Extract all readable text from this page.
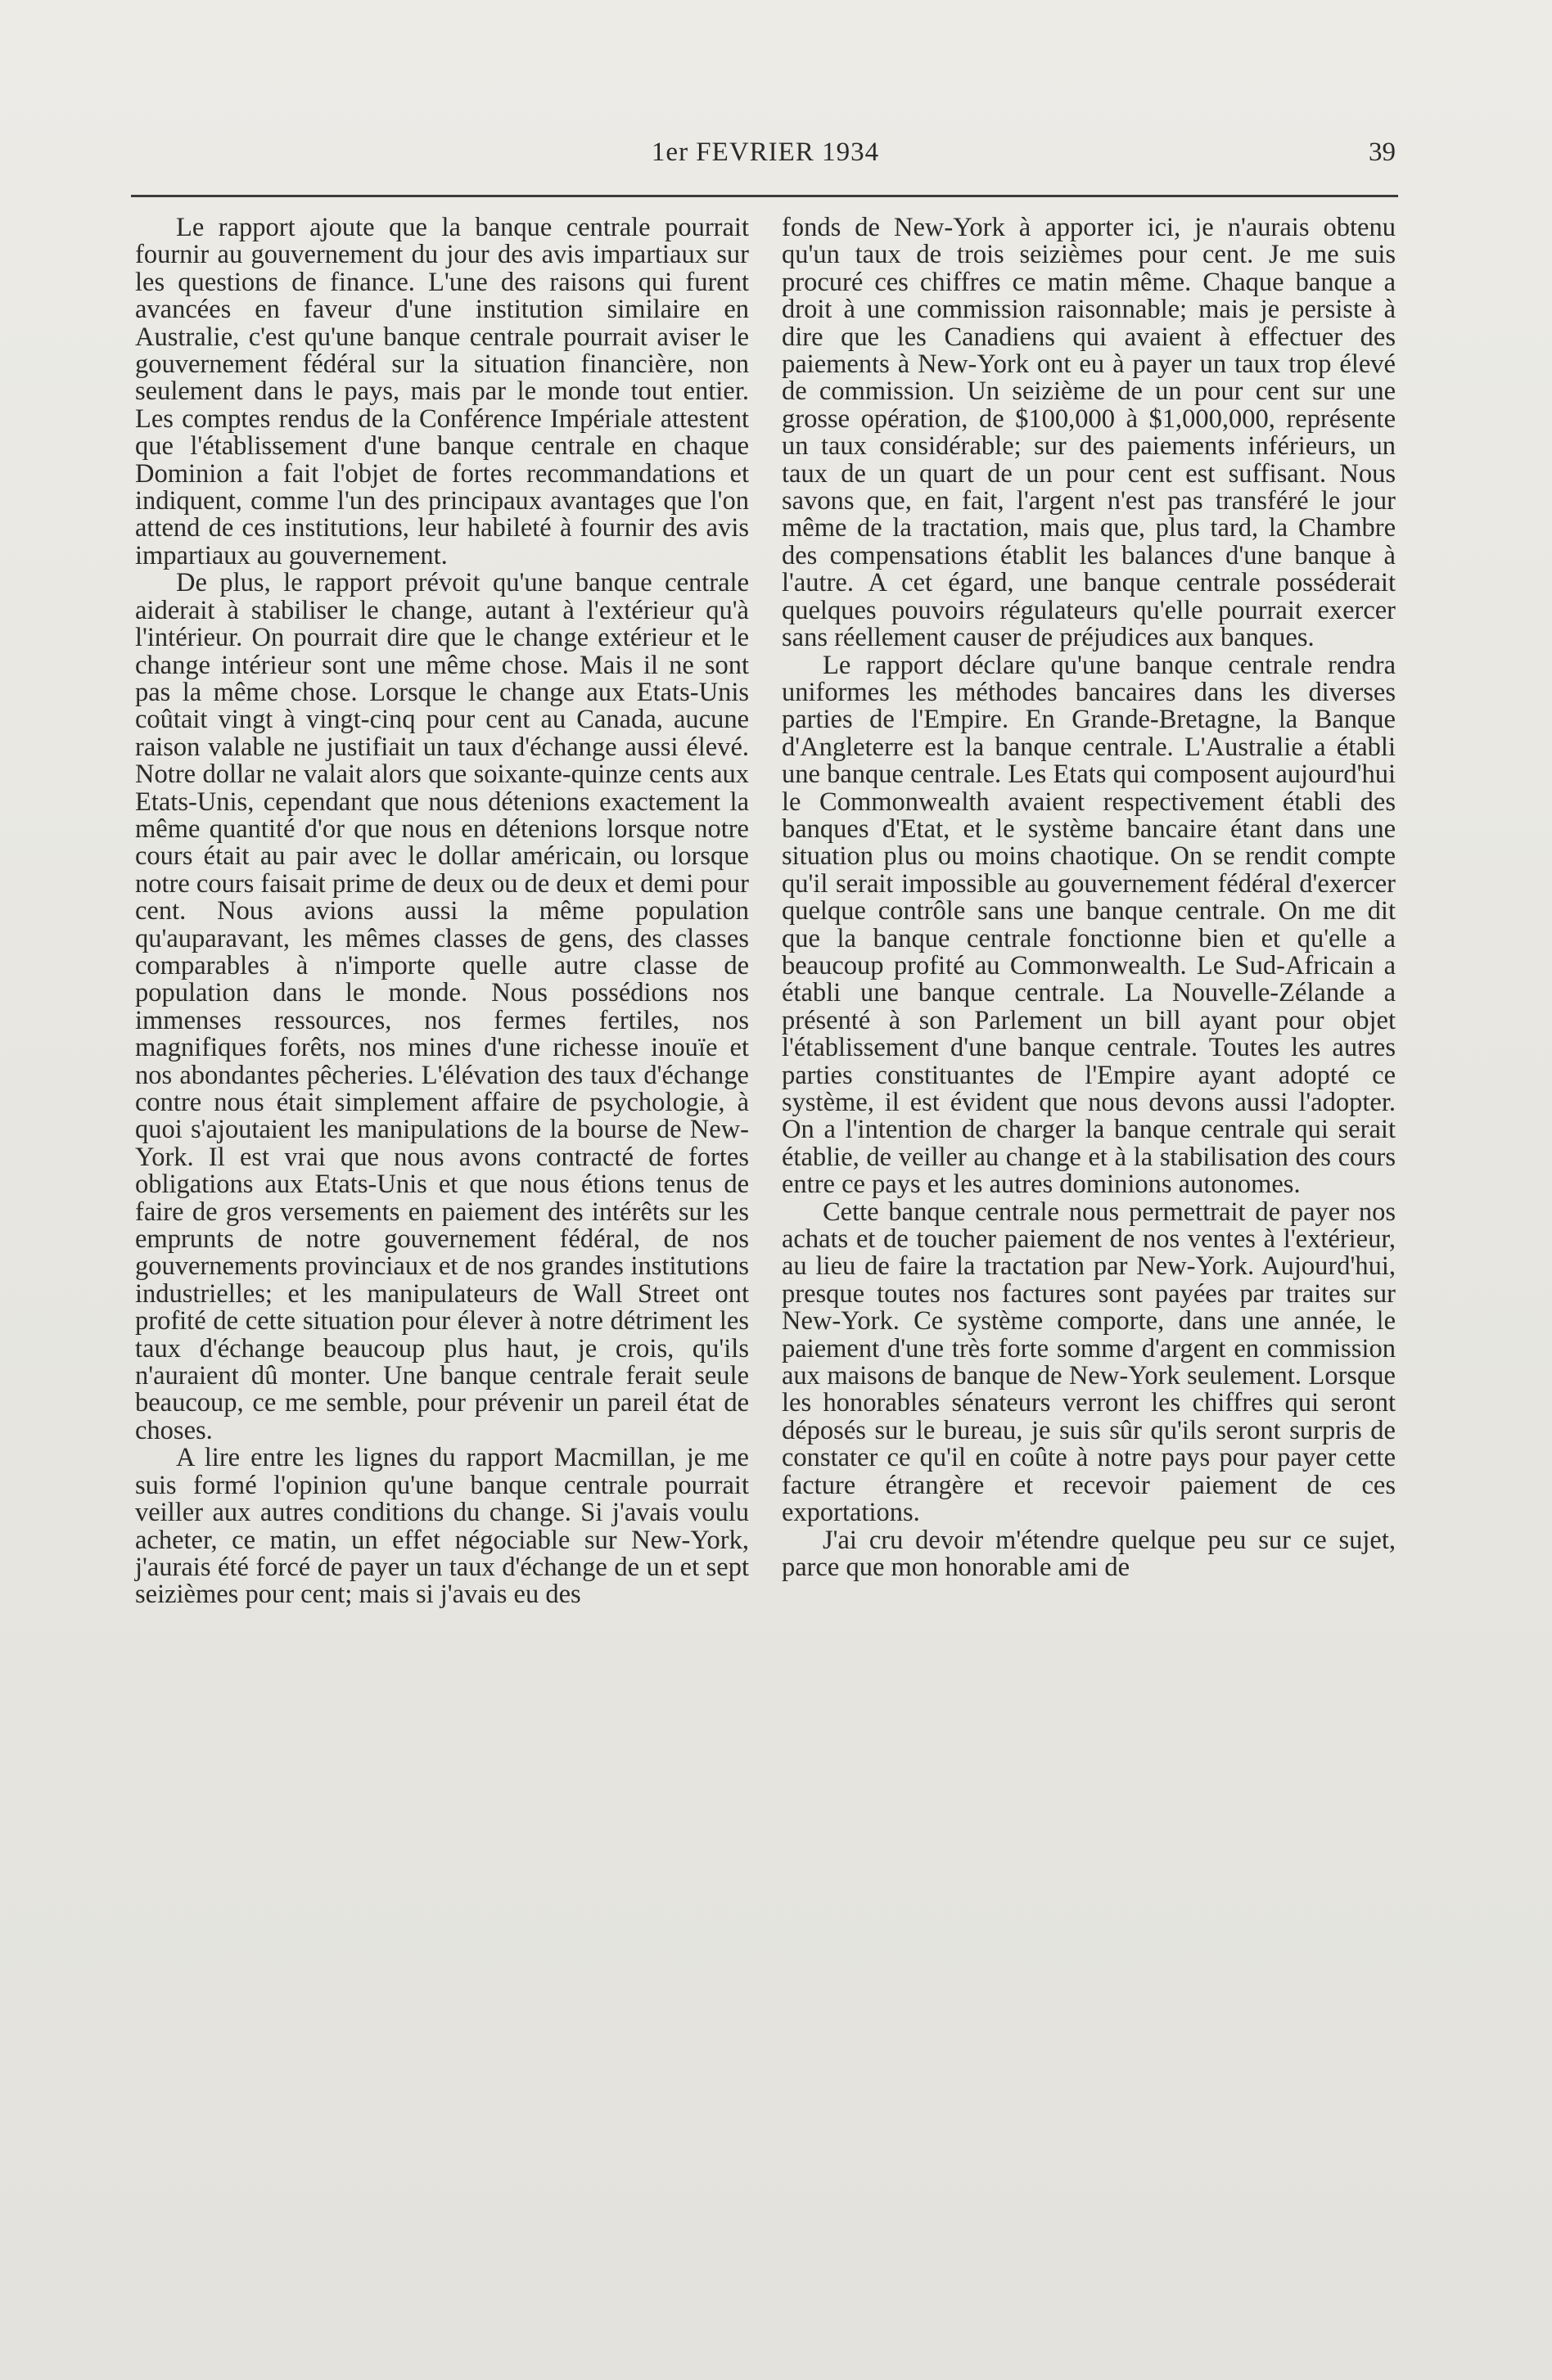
1er FEVRIER 1934	39

Le rapport ajoute que la banque centrale pourrait fournir au gouvernement du jour des avis impartiaux sur les questions de finance. L'une des raisons qui furent avancées en faveur d'une institution similaire en Australie, c'est qu'une banque centrale pourrait aviser le gouvernement fédéral sur la situation financière, non seulement dans le pays, mais par le monde tout entier. Les comptes rendus de la Conférence Impériale attestent que l'établissement d'une banque centrale en chaque Dominion a fait l'objet de fortes recommandations et indiquent, comme l'un des principaux avantages que l'on attend de ces institutions, leur habileté à fournir des avis impartiaux au gouvernement.

De plus, le rapport prévoit qu'une banque centrale aiderait à stabiliser le change, autant à l'extérieur qu'à l'intérieur. On pourrait dire que le change extérieur et le change intérieur sont une même chose. Mais il ne sont pas la même chose. Lorsque le change aux Etats-Unis coûtait vingt à vingt-cinq pour cent au Canada, aucune raison valable ne justifiait un taux d'échange aussi élevé. Notre dollar ne valait alors que soixante-quinze cents aux Etats-Unis, cependant que nous détenions exactement la même quantité d'or que nous en détenions lorsque notre cours était au pair avec le dollar américain, ou lorsque notre cours faisait prime de deux ou de deux et demi pour cent. Nous avions aussi la même population qu'auparavant, les mêmes classes de gens, des classes comparables à n'importe quelle autre classe de population dans le monde. Nous possédions nos immenses ressources, nos fermes fertiles, nos magnifiques forêts, nos mines d'une richesse inouïe et nos abondantes pêcheries. L'élévation des taux d'échange contre nous était simplement affaire de psychologie, à quoi s'ajoutaient les manipulations de la bourse de New-York. Il est vrai que nous avons contracté de fortes obligations aux Etats-Unis et que nous étions tenus de faire de gros versements en paiement des intérêts sur les emprunts de notre gouvernement fédéral, de nos gouvernements provinciaux et de nos grandes institutions industrielles; et les manipulateurs de Wall Street ont profité de cette situation pour élever à notre détriment les taux d'échange beaucoup plus haut, je crois, qu'ils n'auraient dû monter. Une banque centrale ferait seule beaucoup, ce me semble, pour prévenir un pareil état de choses.

A lire entre les lignes du rapport Macmillan, je me suis formé l'opinion qu'une banque centrale pourrait veiller aux autres conditions du change. Si j'avais voulu acheter, ce matin, un effet négociable sur New-York, j'aurais été forcé de payer un taux d'échange de un et sept seizièmes pour cent; mais si j'avais eu des

fonds de New-York à apporter ici, je n'aurais obtenu qu'un taux de trois seizièmes pour cent. Je me suis procuré ces chiffres ce matin même. Chaque banque a droit à une commission raisonnable; mais je persiste à dire que les Canadiens qui avaient à effectuer des paiements à New-York ont eu à payer un taux trop élevé de commission. Un seizième de un pour cent sur une grosse opération, de $100,000 à $1,000,000, représente un taux considérable; sur des paiements inférieurs, un taux de un quart de un pour cent est suffisant. Nous savons que, en fait, l'argent n'est pas transféré le jour même de la tractation, mais que, plus tard, la Chambre des compensations établit les balances d'une banque à l'autre. A cet égard, une banque centrale posséderait quelques pouvoirs régulateurs qu'elle pourrait exercer sans réellement causer de préjudices aux banques.

Le rapport déclare qu'une banque centrale rendra uniformes les méthodes bancaires dans les diverses parties de l'Empire. En Grande-Bretagne, la Banque d'Angleterre est la banque centrale. L'Australie a établi une banque centrale. Les Etats qui composent aujourd'hui le Commonwealth avaient respectivement établi des banques d'Etat, et le système bancaire étant dans une situation plus ou moins chaotique. On se rendit compte qu'il serait impossible au gouvernement fédéral d'exercer quelque contrôle sans une banque centrale. On me dit que la banque centrale fonctionne bien et qu'elle a beaucoup profité au Commonwealth. Le Sud-Africain a établi une banque centrale. La Nouvelle-Zélande a présenté à son Parlement un bill ayant pour objet l'établissement d'une banque centrale. Toutes les autres parties constituantes de l'Empire ayant adopté ce système, il est évident que nous devons aussi l'adopter. On a l'intention de charger la banque centrale qui serait établie, de veiller au change et à la stabilisation des cours entre ce pays et les autres dominions autonomes.

Cette banque centrale nous permettrait de payer nos achats et de toucher paiement de nos ventes à l'extérieur, au lieu de faire la tractation par New-York. Aujourd'hui, presque toutes nos factures sont payées par traites sur New-York. Ce système comporte, dans une année, le paiement d'une très forte somme d'argent en commission aux maisons de banque de New-York seulement. Lorsque les honorables sénateurs verront les chiffres qui seront déposés sur le bureau, je suis sûr qu'ils seront surpris de constater ce qu'il en coûte à notre pays pour payer cette facture étrangère et recevoir paiement de ces exportations.

J'ai cru devoir m'étendre quelque peu sur ce sujet, parce que mon honorable ami de
